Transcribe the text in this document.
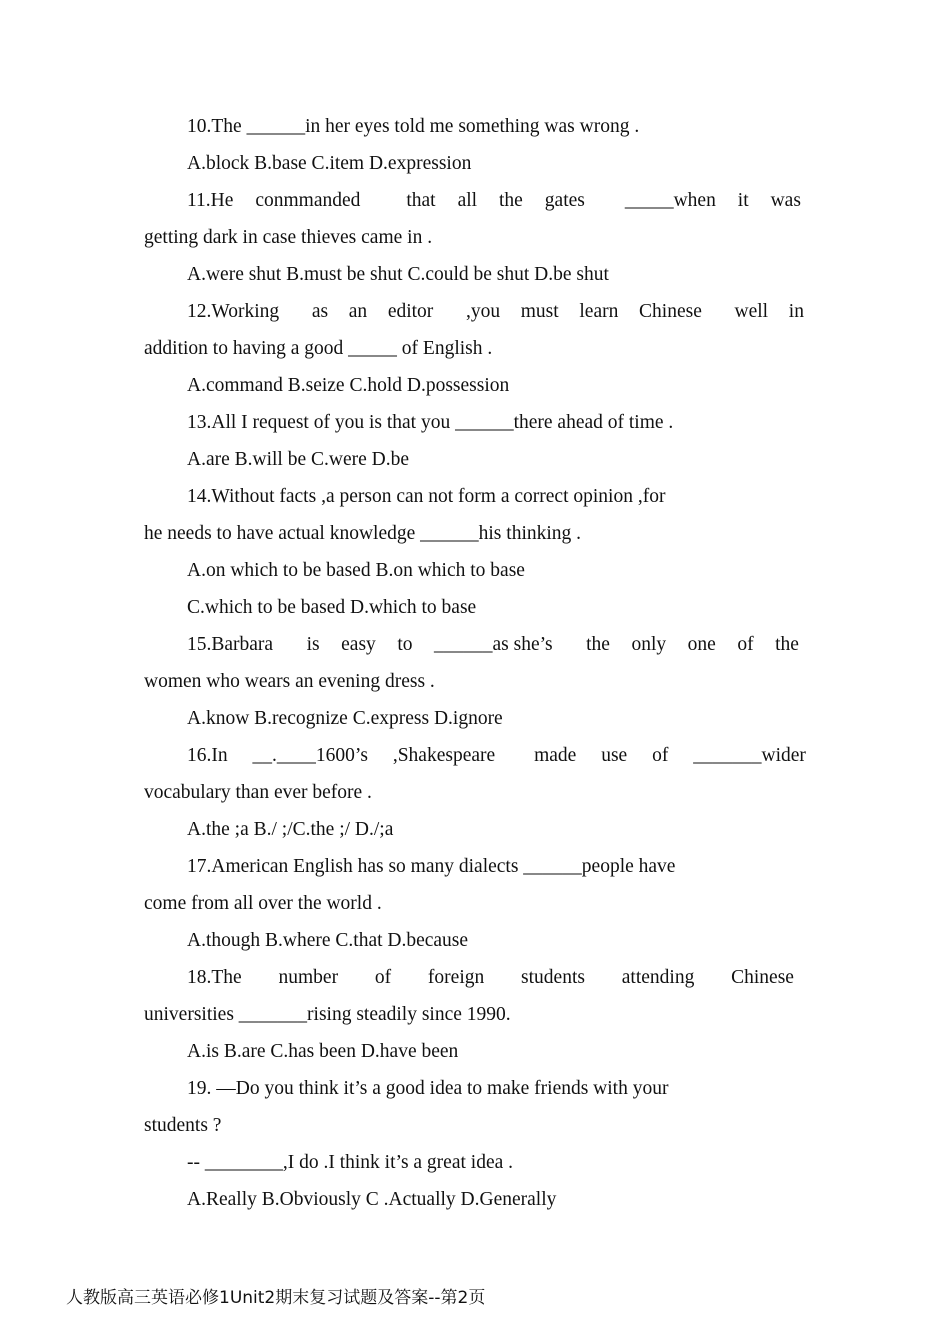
10.The ______in her eyes told me something was wrong .
A.block B.base C.item D.expression
11.He conmmanded that all the gates _____when it was
getting dark in case thieves came in .
A.were shut B.must be shut C.could be shut D.be shut
12.Working as an editor ,you must learn Chinese well in
addition to having a good _____ of English .
A.command B.seize C.hold D.possession
13.All I request of you is that you ______there ahead of time .
A.are B.will be C.were D.be
14.Without facts ,a person can not form a correct opinion ,for
he needs to have actual knowledge ______his thinking .
A.on which to be based B.on which to base
C.which to be based D.which to base
15.Barbara is easy to ______as she’s the only one of the
women who wears an evening dress .
A.know B.recognize C.express D.ignore
16.In __.____1600’s ,Shakespeare made use of _______wider
vocabulary than ever before .
A.the ;a B./ ;/C.the ;/ D./;a
17.American English has so many dialects ______people have
come from all over the world .
A.though B.where C.that D.because
18.The number of foreign students attending Chinese
universities _______rising steadily since 1990.
A.is B.are C.has been D.have been
19. —Do you think it’s a good idea to make friends with your
students ?
-- ________,I do .I think it’s a great idea .
A.Really B.Obviously C .Actually D.Generally
人教版高三英语必修1Unit2期末复习试题及答案--第2页
